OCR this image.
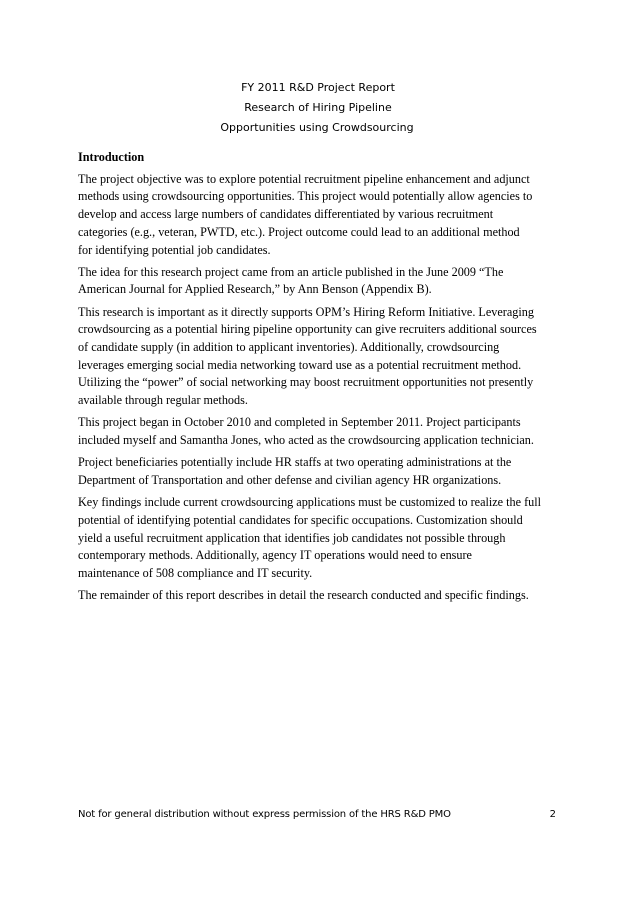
FY 2011 R&D Project Report
Research of Hiring Pipeline
Opportunities using Crowdsourcing
Introduction
The project objective was to explore potential recruitment pipeline enhancement and adjunct
methods using crowdsourcing opportunities. This project would potentially allow agencies to
develop and access large numbers of candidates differentiated by various recruitment
categories (e.g., veteran, PWTD, etc.). Project outcome could lead to an additional method
for identifying potential job candidates.
The idea for this research project came from an article published in the June 2009 “The
American Journal for Applied Research,” by Ann Benson (Appendix B).
This research is important as it directly supports OPM’s Hiring Reform Initiative. Leveraging
crowdsourcing as a potential hiring pipeline opportunity can give recruiters additional sources
of candidate supply (in addition to applicant inventories). Additionally, crowdsourcing
leverages emerging social media networking toward use as a potential recruitment method.
Utilizing the “power” of social networking may boost recruitment opportunities not presently
available through regular methods.
This project began in October 2010 and completed in September 2011. Project participants
included myself and Samantha Jones, who acted as the crowdsourcing application technician.
Project beneficiaries potentially include HR staffs at two operating administrations at the
Department of Transportation and other defense and civilian agency HR organizations.
Key findings include current crowdsourcing applications must be customized to realize the full
potential of identifying potential candidates for specific occupations. Customization should
yield a useful recruitment application that identifies job candidates not possible through
contemporary methods. Additionally, agency IT operations would need to ensure
maintenance of 508 compliance and IT security.
The remainder of this report describes in detail the research conducted and specific findings.
Not for general distribution without express permission of the HRS R&D PMO	2
